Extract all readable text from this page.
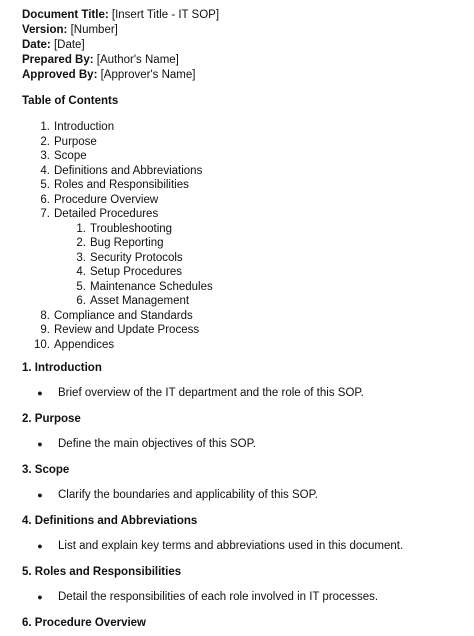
Document Title: [Insert Title - IT SOP]
Version: [Number]
Date: [Date]
Prepared By: [Author's Name]
Approved By: [Approver's Name]
Table of Contents
1. Introduction
2. Purpose
3. Scope
4. Definitions and Abbreviations
5. Roles and Responsibilities
6. Procedure Overview
7. Detailed Procedures
1. Troubleshooting
2. Bug Reporting
3. Security Protocols
4. Setup Procedures
5. Maintenance Schedules
6. Asset Management
8. Compliance and Standards
9. Review and Update Process
10. Appendices
1. Introduction
●	Brief overview of the IT department and the role of this SOP.
2. Purpose
●	Define the main objectives of this SOP.
3. Scope
●	Clarify the boundaries and applicability of this SOP.
4. Definitions and Abbreviations
●	List and explain key terms and abbreviations used in this document.
5. Roles and Responsibilities
●	Detail the responsibilities of each role involved in IT processes.
6. Procedure Overview
